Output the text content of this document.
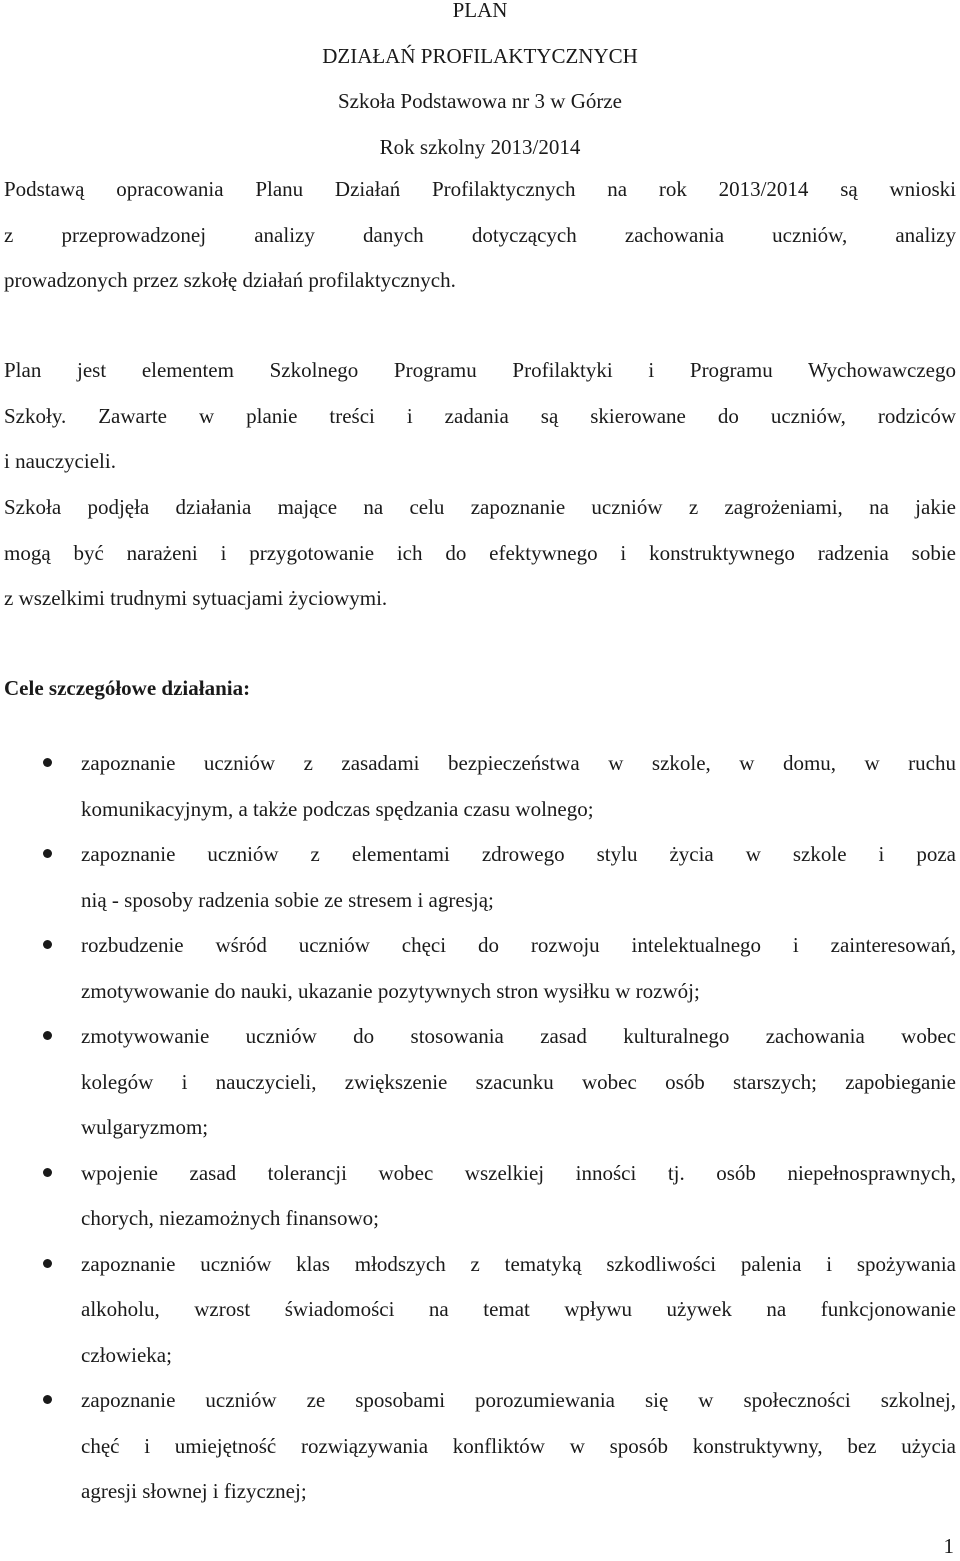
PLAN
DZIAŁAŃ PROFILAKTYCZNYCH
Szkoła Podstawowa nr 3 w Górze
Rok szkolny 2013/2014
Podstawą opracowania Planu Działań Profilaktycznych na rok 2013/2014 są wnioski
z przeprowadzonej analizy danych dotyczących zachowania uczniów, analizy
prowadzonych przez szkołę działań profilaktycznych.
Plan jest elementem Szkolnego Programu Profilaktyki i Programu Wychowawczego
Szkoły. Zawarte w planie treści i zadania są skierowane do uczniów, rodziców
i nauczycieli.
Szkoła podjęła działania mające na celu zapoznanie uczniów z zagrożeniami, na jakie
mogą być narażeni i przygotowanie ich do efektywnego i konstruktywnego radzenia sobie
z wszelkimi trudnymi sytuacjami życiowymi.
Cele szczegółowe działania:
zapoznanie uczniów z zasadami bezpieczeństwa w szkole, w domu, w ruchu
komunikacyjnym, a także podczas spędzania czasu wolnego;
zapoznanie uczniów z elementami zdrowego stylu życia w szkole i poza
nią - sposoby radzenia sobie ze stresem i agresją;
rozbudzenie wśród uczniów chęci do rozwoju intelektualnego i zainteresowań,
zmotywowanie do nauki, ukazanie pozytywnych stron wysiłku w rozwój;
zmotywowanie uczniów do stosowania zasad kulturalnego zachowania wobec
kolegów i nauczycieli, zwiększenie szacunku wobec osób starszych; zapobieganie
wulgaryzmom;
wpojenie zasad tolerancji wobec wszelkiej inności tj. osób niepełnosprawnych,
chorych, niezamożnych finansowo;
zapoznanie uczniów klas młodszych z tematyką szkodliwości palenia i spożywania
alkoholu, wzrost świadomości na temat wpływu używek na funkcjonowanie
człowieka;
zapoznanie uczniów ze sposobami porozumiewania się w społeczności szkolnej,
chęć i umiejętność rozwiązywania konfliktów w sposób konstruktywny, bez użycia
agresji słownej i fizycznej;
1
